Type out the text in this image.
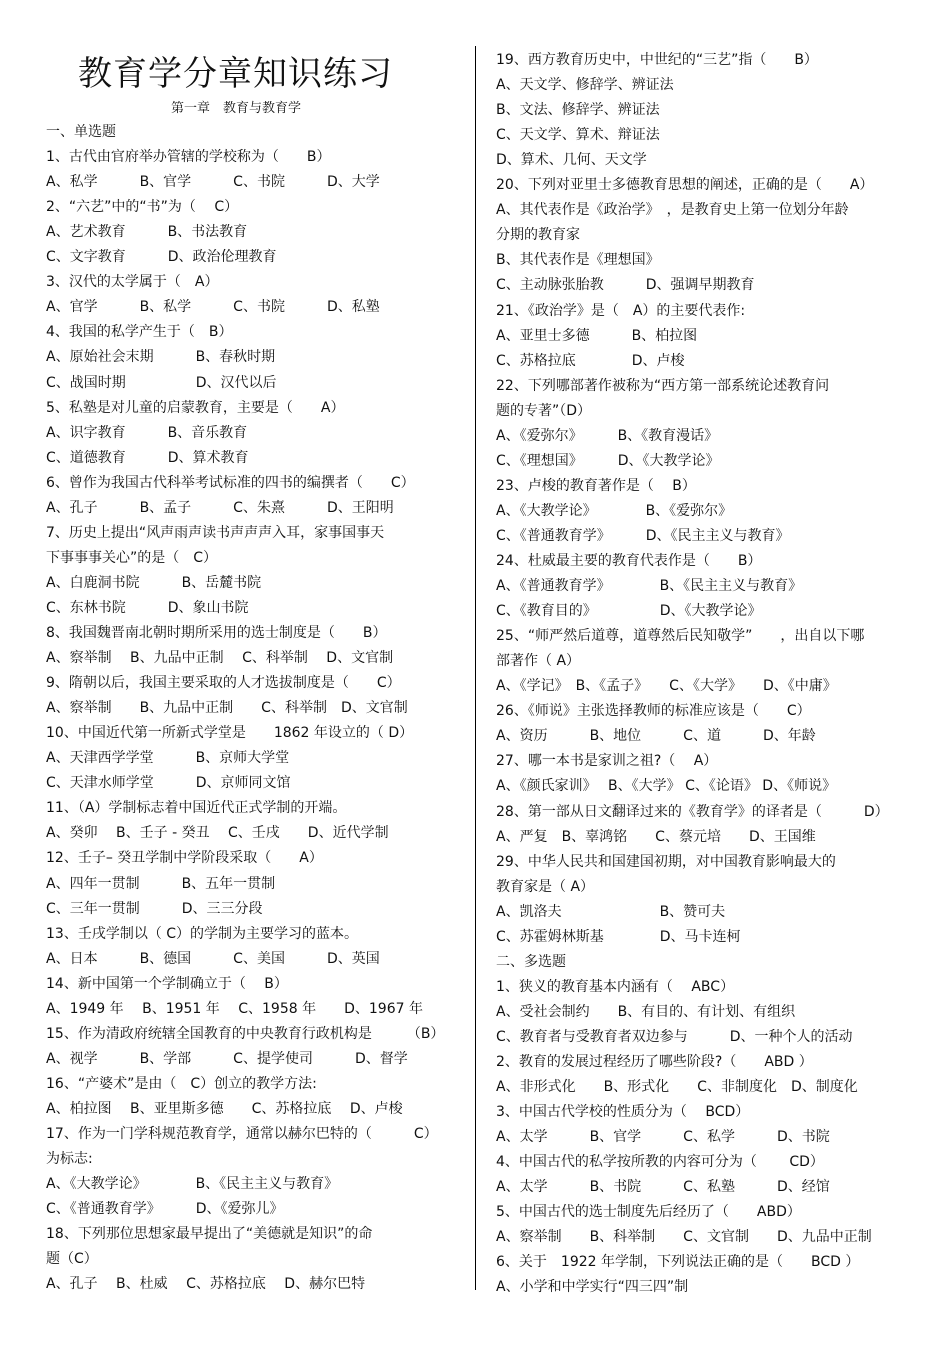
教育学分章知识练习
第一章　教育与教育学
一、单选题
1、古代由官府举办管辖的学校称为（　　B）
A、私学　　　B、官学　　　C、书院　　　D、大学
2、“六艺”中的“书”为（　 C）
A、艺术教育　　　B、书法教育
C、文字教育　　　D、政治伦理教育
3、汉代的太学属于（　A）
A、官学　　　B、私学　　　C、书院　　　D、私塾
4、我国的私学产生于（　B）
A、原始社会末期　　　B、春秋时期
C、战国时期　　　　　D、汉代以后
5、私塾是对儿童的启蒙教育，主要是（　　A）
A、识字教育　　　B、音乐教育
C、道德教育　　　D、算术教育
6、曾作为我国古代科举考试标准的四书的编撰者（　　C）
A、孔子　　　B、孟子　　　C、朱熹　　　D、王阳明
7、历史上提出“风声雨声读书声声声入耳，家事国事天
下事事事关心”的是（　C）
A、白鹿洞书院　　　B、岳麓书院
C、东林书院　　　D、象山书院
8、我国魏晋南北朝时期所采用的选士制度是（　　B）
A、察举制　 B、九品中正制　 C、科举制　 D、文官制
9、隋朝以后，我国主要采取的人才选拔制度是（　　C）
A、察举制　　B、九品中正制　　C、科举制　D、文官制
10、中国近代第一所新式学堂是　　1862 年设立的（ D）
A、天津西学学堂　　　B、京师大学堂
C、天津水师学堂　　　D、京师同文馆
11、（A）学制标志着中国近代正式学制的开端。
A、癸卯　 B、壬子 - 癸丑　 C、壬戌　　D、近代学制
12、壬子– 癸丑学制中学阶段采取（　　A）
A、四年一贯制　　　B、五年一贯制
C、三年一贯制　　　D、三三分段
13、壬戌学制以（ C）的学制为主要学习的蓝本。
A、日本　　　B、德国　　　C、美国　　　D、英国
14、新中国第一个学制确立于（　 B）
A、1949 年　 B、1951 年　 C、1958 年　　D、1967 年
15、作为清政府统辖全国教育的中央教育行政机构是　　　（B）
A、视学　　　B、学部　　　C、提学使司　　　D、督学
16、“产婆术”是由（　C）创立的教学方法:
A、柏拉图　 B、亚里斯多德　　C、苏格拉底　 D、卢梭
17、作为一门学科规范教育学，通常以赫尔巴特的（　　　C）
为标志:
A、《大教学论》　　　　B、《民主主义与教育》
C、《普通教育学》　　　D、《爱弥儿》
18、下列那位思想家最早提出了“美德就是知识”的命
题（C）
A、孔子　 B、杜威　 C、苏格拉底　 D、赫尔巴特
19、西方教育历史中，中世纪的“三艺”指（　　B）
A、天文学、修辞学、辨证法
B、文法、修辞学、辨证法
C、天文学、算术、辩证法
D、算术、几何、天文学
20、下列对亚里士多德教育思想的阐述，正确的是（　　A）
A、其代表作是《政治学》　，是教育史上第一位划分年龄
分期的教育家
B、其代表作是《理想国》
C、主动脉张胎教　　　D、强调早期教育
21、《政治学》是（　A）的主要代表作:
A、亚里士多德　　　B、柏拉图
C、苏格拉底　　　　D、卢梭
22、下列哪部著作被称为“西方第一部系统论述教育问
题的专著”（D）
A、《爱弥尔》　　　B、《教育漫话》
C、《理想国》　　　D、《大教学论》
23、卢梭的教育著作是（　 B）
A、《大教学论》　　　　B、《爱弥尔》
C、《普通教育学》　　　D、《民主主义与教育》
24、杜威最主要的教育代表作是（　　B）
A、《普通教育学》　　　　B、《民主主义与教育》
C、《教育目的》　　　　　D、《大教学论》
25、“师严然后道尊，道尊然后民知敬学”　　，出自以下哪
部著作（ A）
A、《学记》　B、《孟子》　　C、《大学》　　D、《中庸》
26、《师说》主张选择教师的标准应该是（　　C）
A、资历　　　B、地位　　　C、道　　　D、年龄
27、哪一本书是家训之祖?（　 A）
A、《颜氏家训》　 B、《大学》 C、《论语》 D、《师说》
28、第一部从日文翻译过来的《教育学》的译者是（　　　D）
A、严复　B、辜鸿铭　　C、蔡元培　　D、王国维
29、中华人民共和国建国初期，对中国教育影响最大的
教育家是（ A）
A、凯洛夫　　　　　　　B、赞可夫
C、苏霍姆林斯基　　　　D、马卡连柯
二、多选题
1、狭义的教育基本内涵有（　 ABC）
A、受社会制约　　B、有目的、有计划、有组织
C、教育者与受教育者双边参与　　　D、一种个人的活动
2、教育的发展过程经历了哪些阶段?（　　ABD ）
A、非形式化　　B、形式化　　C、非制度化　D、制度化
3、中国古代学校的性质分为（　 BCD）
A、太学　　　B、官学　　　C、私学　　　D、书院
4、中国古代的私学按所教的内容可分为（　　 CD）
A、太学　　　B、书院　　　C、私塾　　　D、经馆
5、中国古代的选士制度先后经历了（　　ABD）
A、察举制　　B、科举制　　C、文官制　　D、九品中正制
6、关于　1922 年学制，下列说法正确的是（　　BCD ）
A、小学和中学实行“四三四”制
